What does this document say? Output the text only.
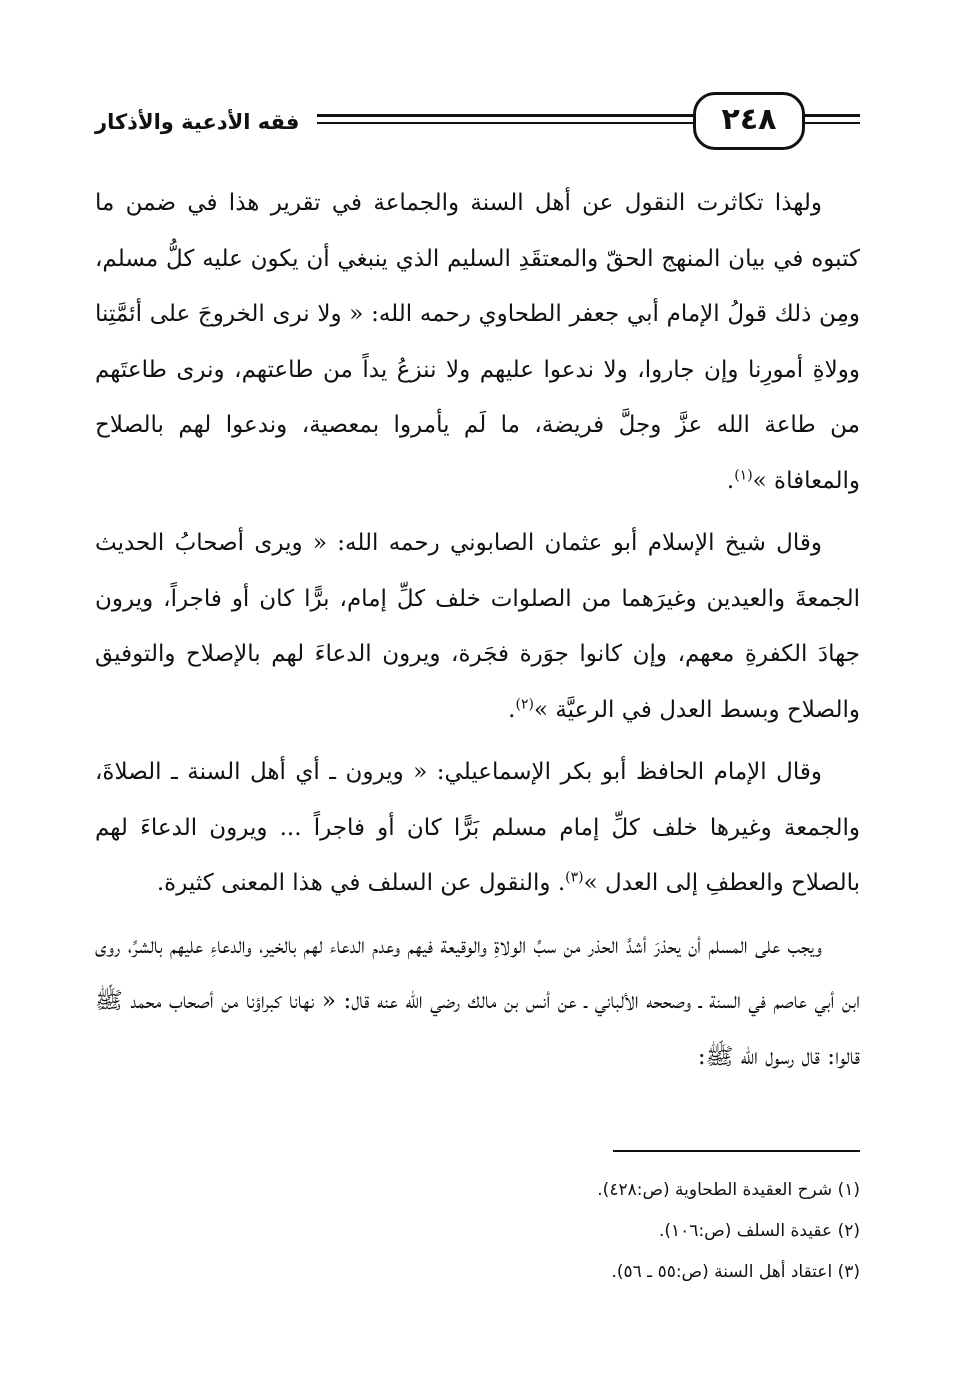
٢٤٨
فقه الأدعية والأذكار

ولهذا تكاثرت النقول عن أهل السنة والجماعة في تقرير هذا في ضمن ما كتبوه في بيان المنهج الحقّ والمعتقَدِ السليم الذي ينبغي أن يكون عليه كلُّ مسلم، ومِن ذلك قولُ الإمام أبي جعفر الطحاوي رحمه الله: « ولا نرى الخروجَ على أئمَّتِنا وولاةِ أمورِنا وإن جاروا، ولا ندعوا عليهم ولا ننزعُ يداً من طاعتهم، ونرى طاعتَهم من طاعة الله عزَّ وجلَّ فريضة، ما لَم يأمروا بمعصية، وندعوا لهم بالصلاح والمعافاة »$^{(١)}$.

وقال شيخ الإسلام أبو عثمان الصابوني رحمه الله: « ويرى أصحابُ الحديث الجمعةَ والعيدين وغيرَهما من الصلوات خلف كلِّ إمام، برًّا كان أو فاجراً، ويرون جهادَ الكفرةِ معهم، وإن كانوا جوَرة فجَرة، ويرون الدعاءَ لهم بالإصلاح والتوفيق والصلاح وبسط العدل في الرعيَّة »$^{(٢)}$.

وقال الإمام الحافظ أبو بكر الإسماعيلي: « ويرون ـ أي أهل السنة ـ الصلاةَ، والجمعة وغيرها خلف كلِّ إمام مسلم بَرًّا كان أو فاجراً ... ويرون الدعاءَ لهم بالصلاح والعطفِ إلى العدل »$^{(٣)}$. والنقول عن السلف في هذا المعنى كثيرة.

ويجب على المسلم أن يحذرَ أشدَّ الحذر من سبِّ الولاةِ والوقيعة فيهم وعدم الدعاء لهم بالخير، والدعاءِ عليهم بالشرِّ، روى ابن أبي عاصم في السنة ـ وصححه الألباني ـ عن أنس بن مالك رضي الله عنه قال: « نهانا كبراؤنا من أصحاب محمد ﷺ قالوا: قال رسول الله ﷺ:

(١) شرح العقيدة الطحاوية (ص:٤٢٨).
(٢) عقيدة السلف (ص:١٠٦).
(٣) اعتقاد أهل السنة (ص:٥٥ ـ ٥٦).
